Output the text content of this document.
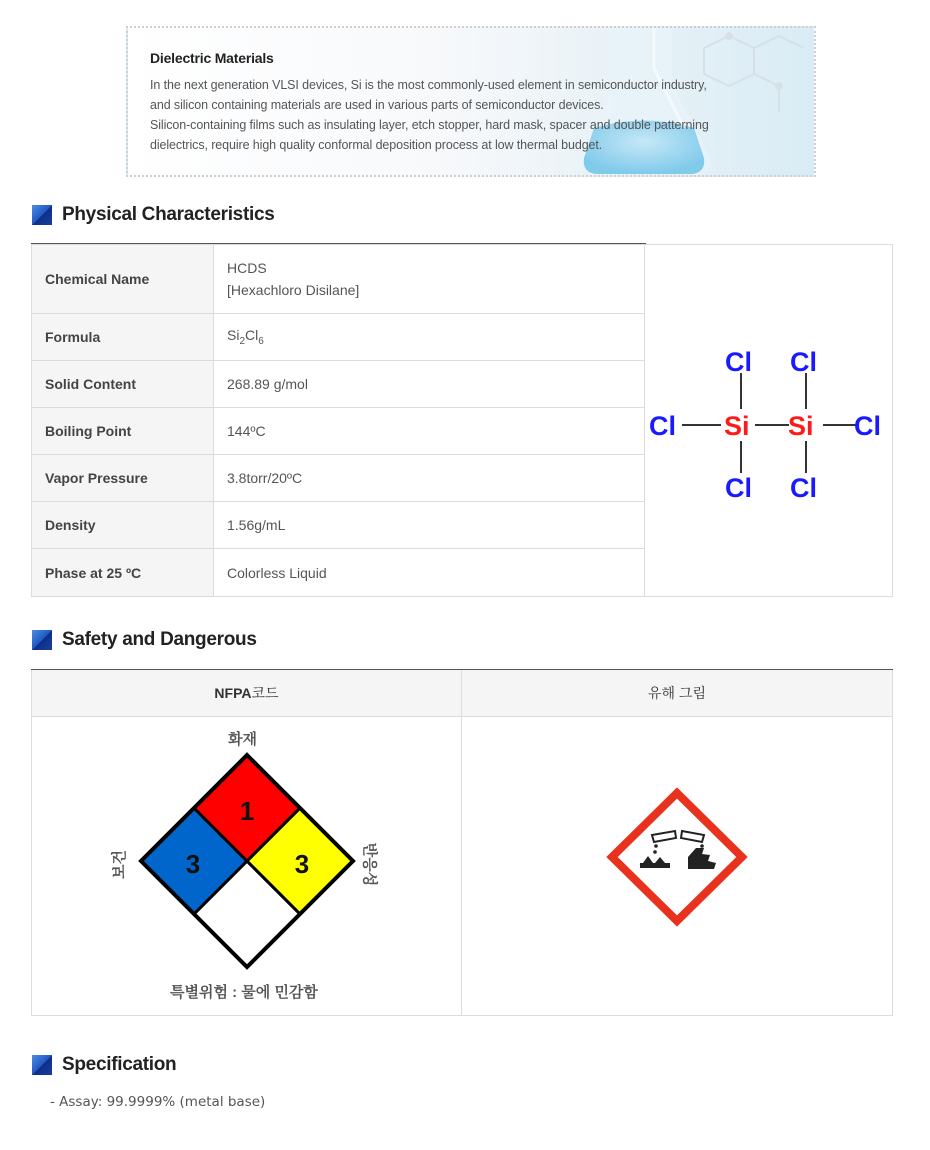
Dielectric Materials

In the next generation VLSI devices, Si is the most commonly-used element in semiconductor industry,
and silicon containing materials are used in various parts of semiconductor devices.
Silicon-containing films such as insulating layer, etch stopper, hard mask, spacer and double patterning
dielectrics, require high quality conformal deposition process at low thermal budget.

Physical Characteristics
Chemical Name	HCDS
[Hexachloro Disilane]
Formula	$Si_2Cl_6$
Solid Content	268.89 g/mol
Boiling Point	144ºC
Vapor Pressure	3.8torr/20ºC
Density	1.56g/mL
Phase at 25 ºC	Colorless Liquid
Cl Cl
Cl Si Si Cl
Cl Cl
Safety and Dangerous
NFPA 코드	유해 그림
1
3	3
화재
보건	반응성
특별위험 : 물에 민감함
Specification
- Assay: 99.9999% (metal base)
